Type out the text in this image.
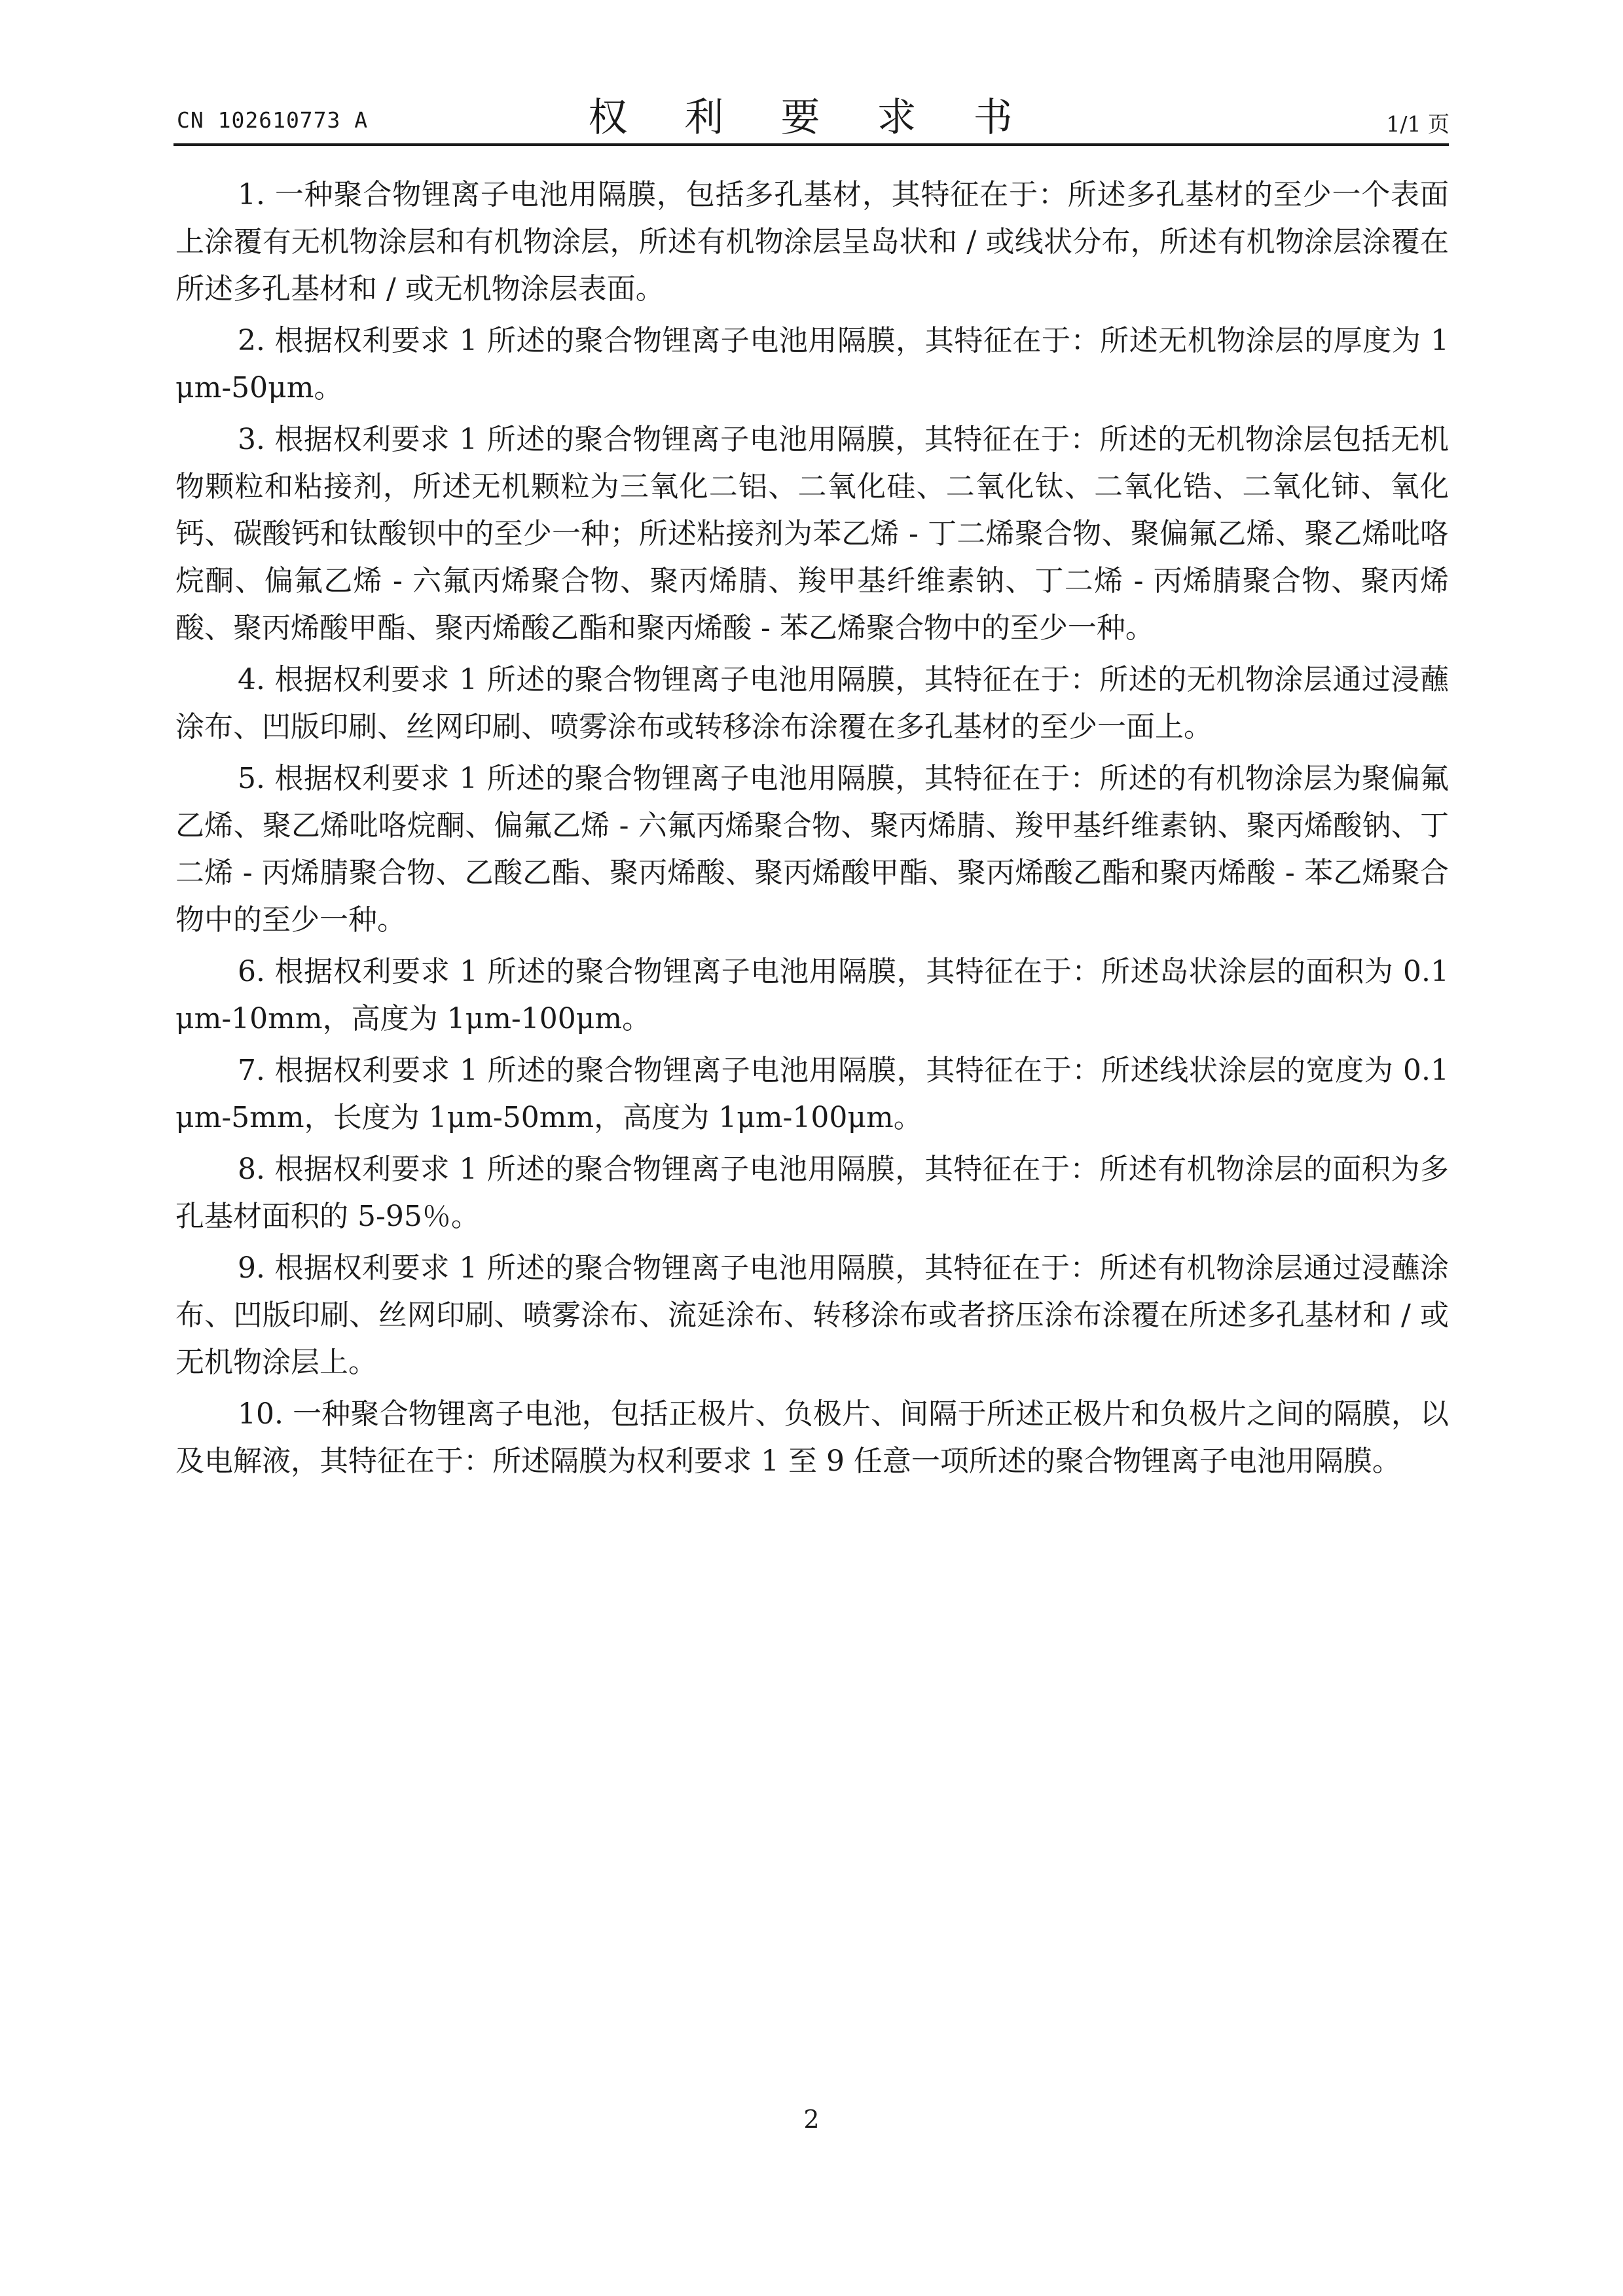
CN 102610773 A	权 利 要 求 书	1/1 页

1. 一种聚合物锂离子电池用隔膜，包括多孔基材，其特征在于：所述多孔基材的至少一个表面上涂覆有无机物涂层和有机物涂层，所述有机物涂层呈岛状和 / 或线状分布，所述有机物涂层涂覆在所述多孔基材和 / 或无机物涂层表面。

2. 根据权利要求 1 所述的聚合物锂离子电池用隔膜，其特征在于：所述无机物涂层的厚度为 1μm-50μm。

3. 根据权利要求 1 所述的聚合物锂离子电池用隔膜，其特征在于：所述的无机物涂层包括无机物颗粒和粘接剂，所述无机颗粒为三氧化二铝、二氧化硅、二氧化钛、二氧化锆、二氧化铈、氧化钙、碳酸钙和钛酸钡中的至少一种；所述粘接剂为苯乙烯 - 丁二烯聚合物、聚偏氟乙烯、聚乙烯吡咯烷酮、偏氟乙烯 - 六氟丙烯聚合物、聚丙烯腈、羧甲基纤维素钠、丁二烯 - 丙烯腈聚合物、聚丙烯酸、聚丙烯酸甲酯、聚丙烯酸乙酯和聚丙烯酸 - 苯乙烯聚合物中的至少一种。

4. 根据权利要求 1 所述的聚合物锂离子电池用隔膜，其特征在于：所述的无机物涂层通过浸蘸涂布、凹版印刷、丝网印刷、喷雾涂布或转移涂布涂覆在多孔基材的至少一面上。

5. 根据权利要求 1 所述的聚合物锂离子电池用隔膜，其特征在于：所述的有机物涂层为聚偏氟乙烯、聚乙烯吡咯烷酮、偏氟乙烯 - 六氟丙烯聚合物、聚丙烯腈、羧甲基纤维素钠、聚丙烯酸钠、丁二烯 - 丙烯腈聚合物、乙酸乙酯、聚丙烯酸、聚丙烯酸甲酯、聚丙烯酸乙酯和聚丙烯酸 - 苯乙烯聚合物中的至少一种。

6. 根据权利要求 1 所述的聚合物锂离子电池用隔膜，其特征在于：所述岛状涂层的面积为 0.1μm-10mm，高度为 1μm-100μm。

7. 根据权利要求 1 所述的聚合物锂离子电池用隔膜，其特征在于：所述线状涂层的宽度为 0.1μm-5mm，长度为 1μm-50mm，高度为 1μm-100μm。

8. 根据权利要求 1 所述的聚合物锂离子电池用隔膜，其特征在于：所述有机物涂层的面积为多孔基材面积的 5-95％。

9. 根据权利要求 1 所述的聚合物锂离子电池用隔膜，其特征在于：所述有机物涂层通过浸蘸涂布、凹版印刷、丝网印刷、喷雾涂布、流延涂布、转移涂布或者挤压涂布涂覆在所述多孔基材和 / 或无机物涂层上。

10. 一种聚合物锂离子电池，包括正极片、负极片、间隔于所述正极片和负极片之间的隔膜，以及电解液，其特征在于：所述隔膜为权利要求 1 至 9 任意一项所述的聚合物锂离子电池用隔膜。

2
